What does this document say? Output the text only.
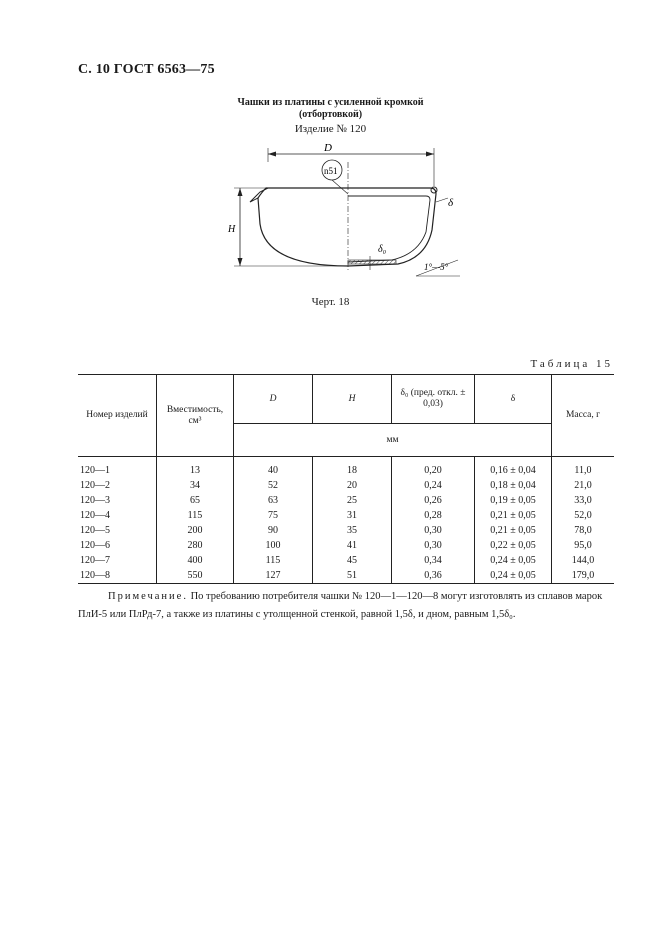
С. 10 ГОСТ 6563—75
Чашки из платины с усиленной кромкой
(отбортовкой)
Изделие № 120
D
n51
H
δ
δ₀
1°—5°
Черт. 18
Таблица 15
Номер изделий	Вместимость, см³	D	H	δ₀ (пред. откл. ± 0,03)	δ	Масса, г
		мм				
120—1	13	40	18	0,20	0,16 ± 0,04	11,0
120—2	34	52	20	0,24	0,18 ± 0,04	21,0
120—3	65	63	25	0,26	0,19 ± 0,05	33,0
120—4	115	75	31	0,28	0,21 ± 0,05	52,0
120—5	200	90	35	0,30	0,21 ± 0,05	78,0
120—6	280	100	41	0,30	0,22 ± 0,05	95,0
120—7	400	115	45	0,34	0,24 ± 0,05	144,0
120—8	550	127	51	0,36	0,24 ± 0,05	179,0
Примечание. По требованию потребителя чашки № 120—1—120—8 могут изготовлять из сплавов марок ПлИ-5 или ПлРд-7, а также из платины с утолщенной стенкой, равной 1,5δ, и дном, равным 1,5δ₀.
